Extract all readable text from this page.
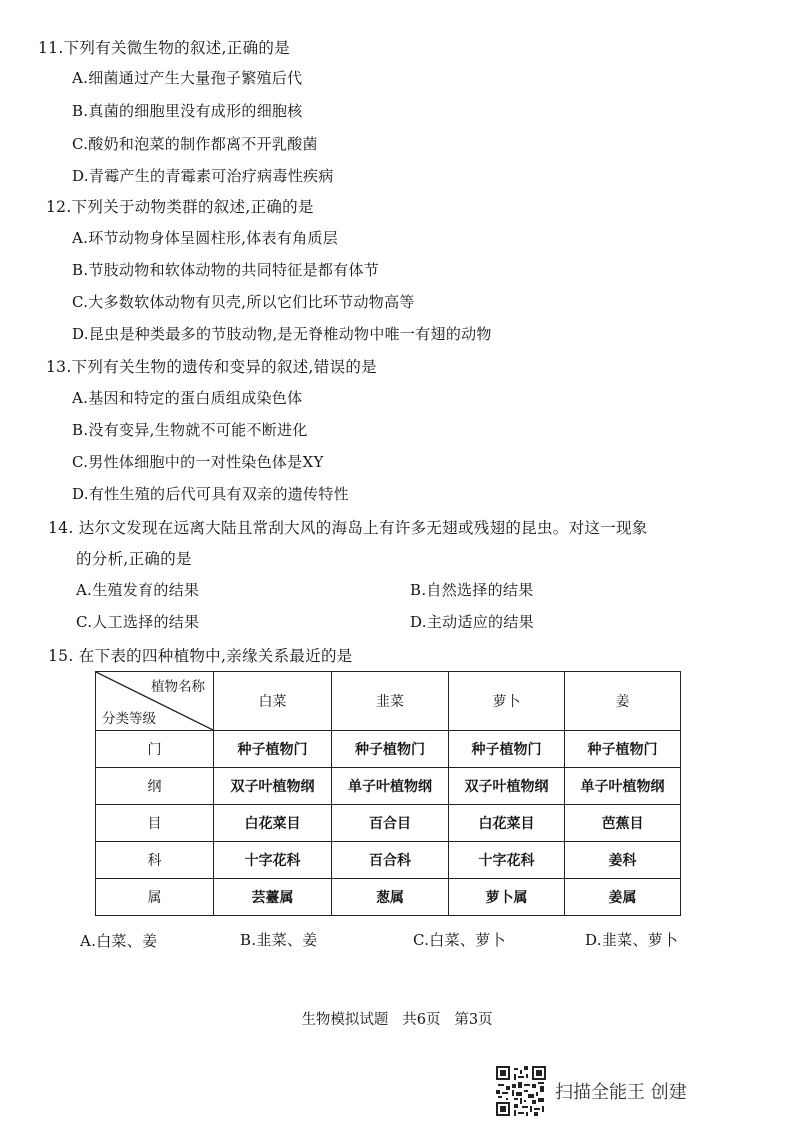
11.下列有关微生物的叙述,正确的是
A.细菌通过产生大量孢子繁殖后代
B.真菌的细胞里没有成形的细胞核
C.酸奶和泡菜的制作都离不开乳酸菌
D.青霉产生的青霉素可治疗病毒性疾病
12.下列关于动物类群的叙述,正确的是
A.环节动物身体呈圆柱形,体表有角质层
B.节肢动物和软体动物的共同特征是都有体节
C.大多数软体动物有贝壳,所以它们比环节动物高等
D.昆虫是种类最多的节肢动物,是无脊椎动物中唯一有翅的动物
13.下列有关生物的遗传和变异的叙述,错误的是
A.基因和特定的蛋白质组成染色体
B.没有变异,生物就不可能不断进化
C.男性体细胞中的一对性染色体是XY
D.有性生殖的后代可具有双亲的遗传特性
14. 达尔文发现在远离大陆且常刮大风的海岛上有许多无翅或残翅的昆虫。对这一现象
的分析,正确的是
A.生殖发育的结果	B.自然选择的结果
C.人工选择的结果	D.主动适应的结果
15. 在下表的四种植物中,亲缘关系最近的是
植物名称
分类等级	白菜	韭菜	萝卜	姜
门	种子植物门	种子植物门	种子植物门	种子植物门
纲	双子叶植物纲	单子叶植物纲	双子叶植物纲	单子叶植物纲
目	白花菜目	百合目	白花菜目	芭蕉目
科	十字花科	百合科	十字花科	姜科
属	芸薹属	葱属	萝卜属	姜属
A.白菜、姜	B.韭菜、姜	C.白菜、萝卜	D.韭菜、萝卜
生物模拟试题   共6页   第3页
扫描全能王 创建
